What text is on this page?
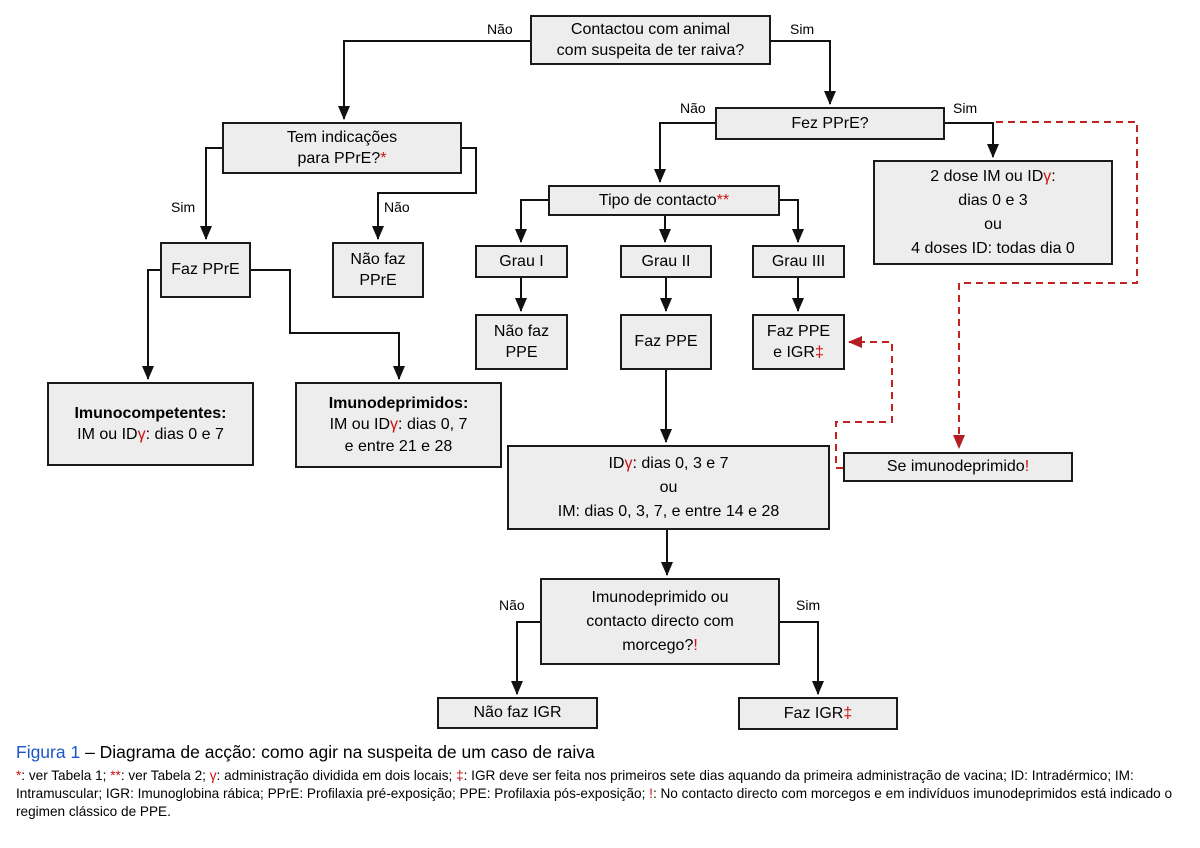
Contactou com animal
com suspeita de ter raiva?
Tem indicações
para PPrE?*
Faz PPrE
Não faz
PPrE
Imunocompetentes:
IM ou IDγ: dias 0 e 7
Imunodeprimidos:
IM ou IDγ: dias 0, 7
e entre 21 e 28
Fez PPrE?
Tipo de contacto**
Grau I	Grau II	Grau III
Não faz
PPE
Faz PPE
Faz PPE
e IGR‡
2 dose IM ou IDγ:
dias 0 e 3
ou
4 doses ID: todas dia 0
IDγ: dias 0, 3 e 7
ou
IM: dias 0, 3, 7, e entre 14 e 28
Se imunodeprimido!
Imunodeprimido ou
contacto directo com
morcego?!
Não faz IGR	Faz IGR‡
Não	Sim
Sim	Não
Não	Sim
Não	Sim
Figura 1 – Diagrama de acção: como agir na suspeita de um caso de raiva
*: ver Tabela 1; **: ver Tabela 2; γ: administração dividida em dois locais; ‡: IGR deve ser feita nos primeiros sete dias aquando da primeira administração de vacina; ID: Intradérmico; IM: Intramuscular; IGR: Imunoglobina rábica; PPrE: Profilaxia pré-exposição; PPE: Profilaxia pós-exposição; !: No contacto directo com morcegos e em indivíduos imunodeprimidos está indicado o regimen clássico de PPE.
